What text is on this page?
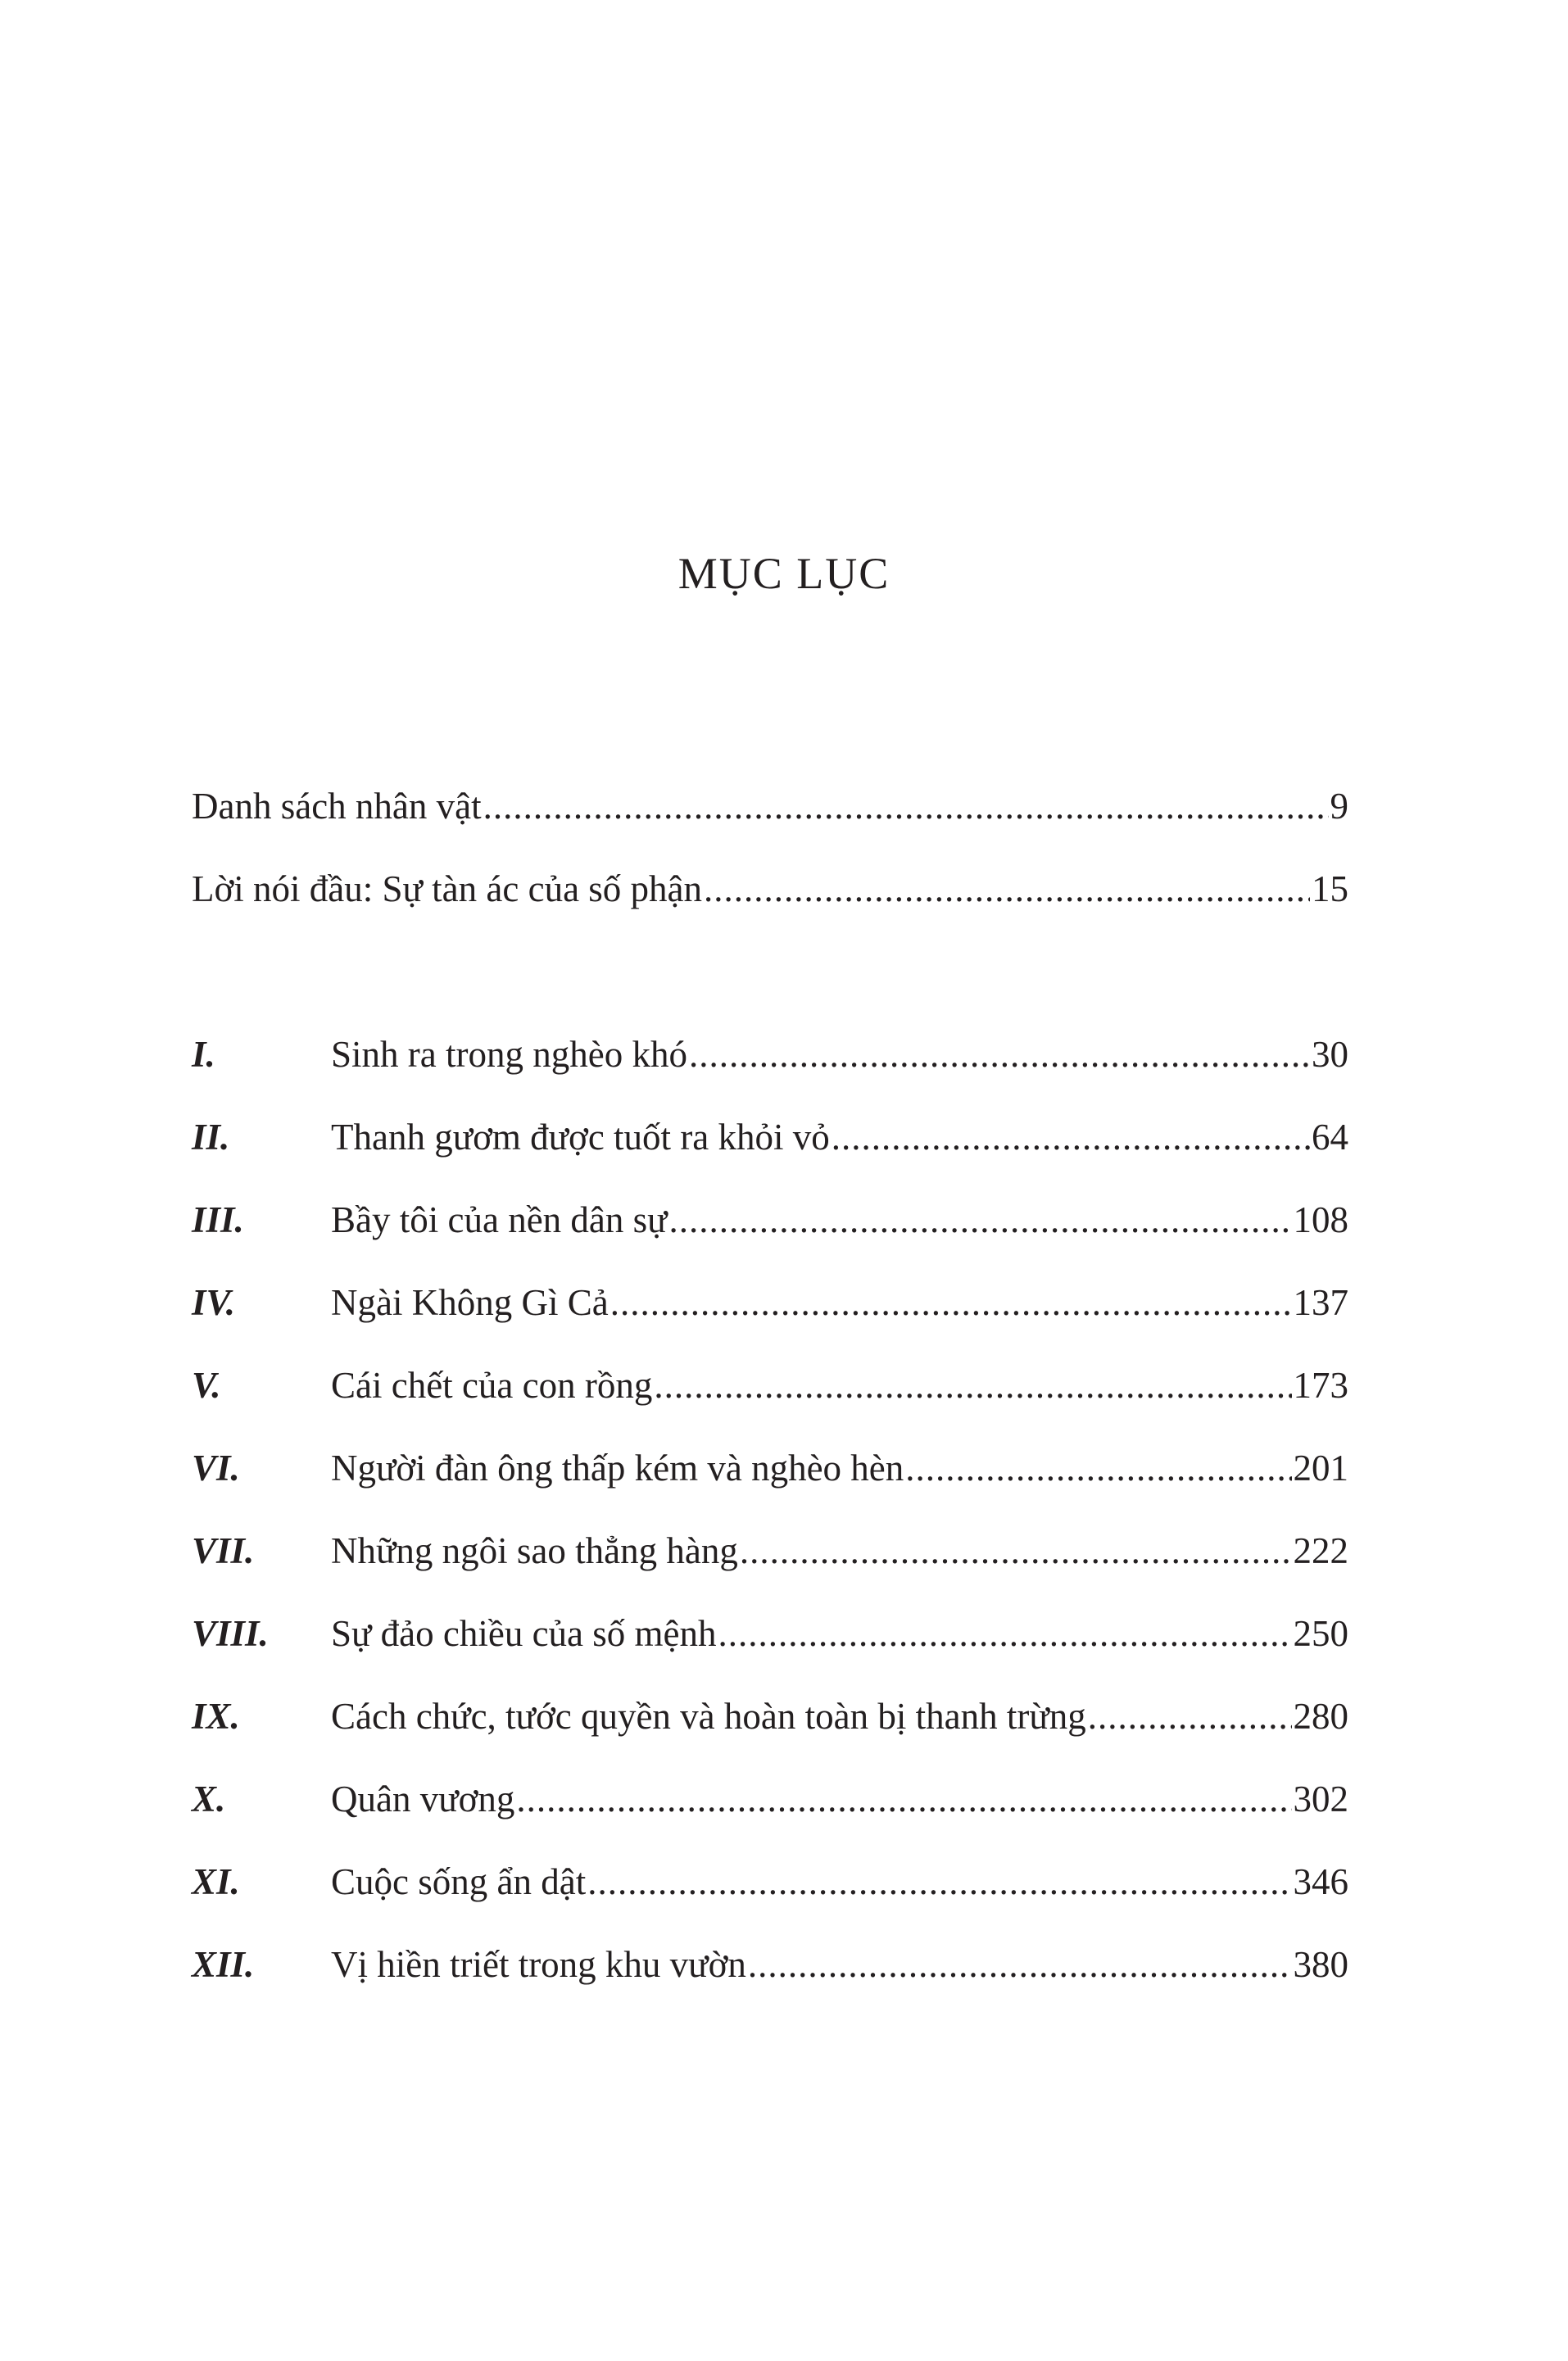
MỤC LỤC
Danh sách nhân vật .....	9
Lời nói đầu: Sự tàn ác của số phận .....	15
I.	Sinh ra trong nghèo khó .....	30
II.	Thanh gươm được tuốt ra khỏi vỏ .....	64
III.	Bầy tôi của nền dân sự .....	108
IV.	Ngài Không Gì Cả .....	137
V.	Cái chết của con rồng .....	173
VI.	Người đàn ông thấp kém và nghèo hèn .....	201
VII.	Những ngôi sao thẳng hàng .....	222
VIII.	Sự đảo chiều của số mệnh .....	250
IX.	Cách chức, tước quyền và hoàn toàn bị thanh trừng .....	280
X.	Quân vương .....	302
XI.	Cuộc sống ẩn dật .....	346
XII.	Vị hiền triết trong khu vườn .....	380
